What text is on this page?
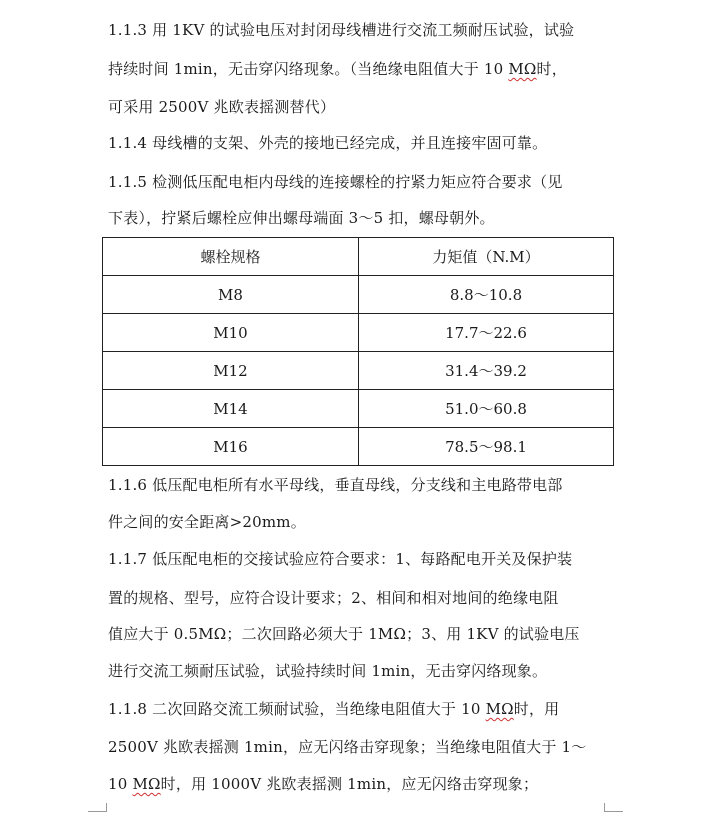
1.1.3 用 1KV 的试验电压对封闭母线槽进行交流工频耐压试验，试验
持续时间 1min，无击穿闪络现象。（当绝缘电阻值大于 10 MΩ时，
可采用 2500V 兆欧表摇测替代）
1.1.4 母线槽的支架、外壳的接地已经完成，并且连接牢固可靠。
1.1.5 检测低压配电柜内母线的连接螺栓的拧紧力矩应符合要求（见
下表），拧紧后螺栓应伸出螺母端面 3～5 扣，螺母朝外。
螺栓规格	力矩值（N.M）
M8	8.8～10.8
M10	17.7～22.6
M12	31.4～39.2
M14	51.0～60.8
M16	78.5～98.1
1.1.6 低压配电柜所有水平母线，垂直母线，分支线和主电路带电部
件之间的安全距离>20mm。
1.1.7 低压配电柜的交接试验应符合要求：1、每路配电开关及保护装
置的规格、型号，应符合设计要求；2、相间和相对地间的绝缘电阻
值应大于 0.5MΩ；二次回路必须大于 1MΩ；3、用 1KV 的试验电压
进行交流工频耐压试验，试验持续时间 1min，无击穿闪络现象。
1.1.8 二次回路交流工频耐试验，当绝缘电阻值大于 10 MΩ时，用
2500V 兆欧表摇测 1min，应无闪络击穿现象；当绝缘电阻值大于 1～
10 MΩ时，用 1000V 兆欧表摇测 1min，应无闪络击穿现象；
